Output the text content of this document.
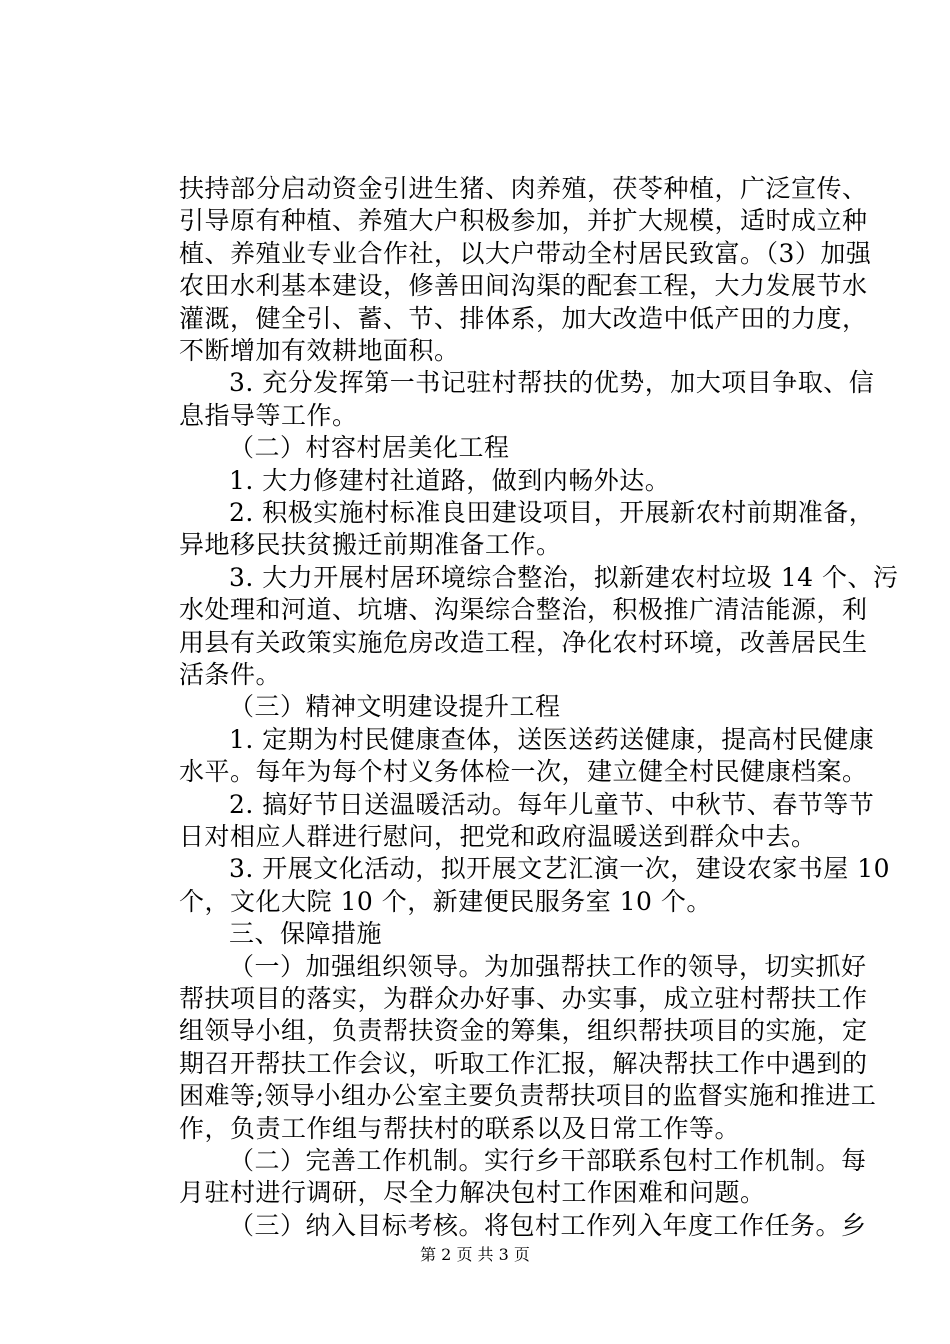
扶持部分启动资金引进生猪、肉养殖，茯苓种植，广泛宣传、
引导原有种植、养殖大户积极参加，并扩大规模，适时成立种
植、养殖业专业合作社，以大户带动全村居民致富。（3）加强
农田水利基本建设，修善田间沟渠的配套工程，大力发展节水
灌溉，健全引、蓄、节、排体系，加大改造中低产田的力度，
不断增加有效耕地面积。
3. 充分发挥第一书记驻村帮扶的优势，加大项目争取、信
息指导等工作。
（二）村容村居美化工程
1. 大力修建村社道路，做到内畅外达。
2. 积极实施村标准良田建设项目，开展新农村前期准备，
异地移民扶贫搬迁前期准备工作。
3. 大力开展村居环境综合整治，拟新建农村垃圾 14 个、污
水处理和河道、坑塘、沟渠综合整治，积极推广清洁能源，利
用县有关政策实施危房改造工程，净化农村环境，改善居民生
活条件。
（三）精神文明建设提升工程
1. 定期为村民健康查体，送医送药送健康，提高村民健康
水平。每年为每个村义务体检一次，建立健全村民健康档案。
2. 搞好节日送温暖活动。每年儿童节、中秋节、春节等节
日对相应人群进行慰问，把党和政府温暖送到群众中去。
3. 开展文化活动，拟开展文艺汇演一次，建设农家书屋 10
个，文化大院 10 个，新建便民服务室 10 个。
三、保障措施
（一）加强组织领导。为加强帮扶工作的领导，切实抓好
帮扶项目的落实，为群众办好事、办实事，成立驻村帮扶工作
组领导小组，负责帮扶资金的筹集，组织帮扶项目的实施，定
期召开帮扶工作会议，听取工作汇报，解决帮扶工作中遇到的
困难等;领导小组办公室主要负责帮扶项目的监督实施和推进工
作，负责工作组与帮扶村的联系以及日常工作等。
（二）完善工作机制。实行乡干部联系包村工作机制。每
月驻村进行调研，尽全力解决包村工作困难和问题。
（三）纳入目标考核。将包村工作列入年度工作任务。乡
第 2 页 共 3 页
